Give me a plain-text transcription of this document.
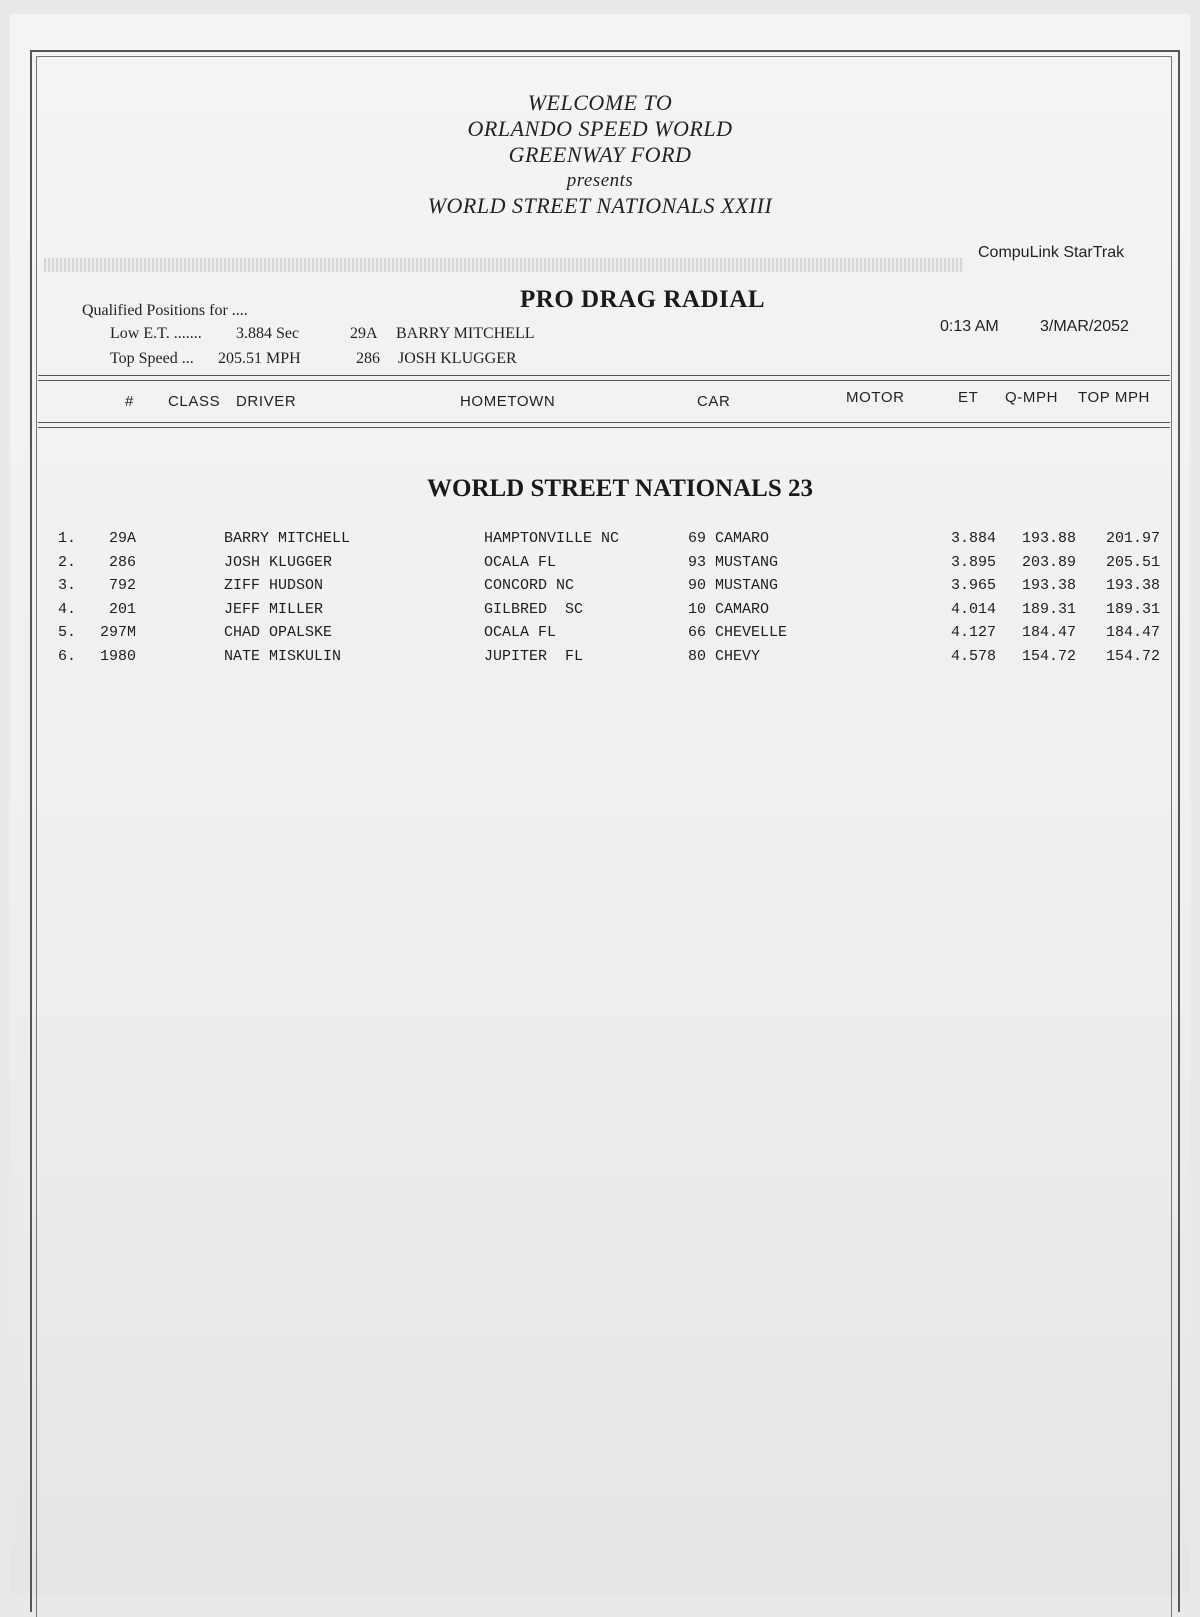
WELCOME TO
ORLANDO SPEED WORLD
GREENWAY FORD
presents
WORLD STREET NATIONALS XXIII
CompuLink StarTrak
Qualified Positions for ....
Low E.T. ....... 3.884 Sec	29A BARRY MITCHELL
Top Speed ... 205.51 MPH	286 JOSH KLUGGER
PRO DRAG RADIAL
0:13 AM	3/MAR/2052
# CLASS DRIVER	HOMETOWN	CAR	MOTOR	ET Q-MPH TOP MPH
WORLD STREET NATIONALS 23
1.	29A	BARRY MITCHELL	HAMPTONVILLE NC	69 CAMARO	3.884	193.88	201.97
2.	286	JOSH KLUGGER	OCALA FL	93 MUSTANG	3.895	203.89	205.51
3.	792	ZIFF HUDSON	CONCORD NC	90 MUSTANG	3.965	193.38	193.38
4.	201	JEFF MILLER	GILBRED  SC	10 CAMARO	4.014	189.31	189.31
5.	297M	CHAD OPALSKE	OCALA FL	66 CHEVELLE	4.127	184.47	184.47
6.	1980	NATE MISKULIN	JUPITER  FL	80 CHEVY	4.578	154.72	154.72
